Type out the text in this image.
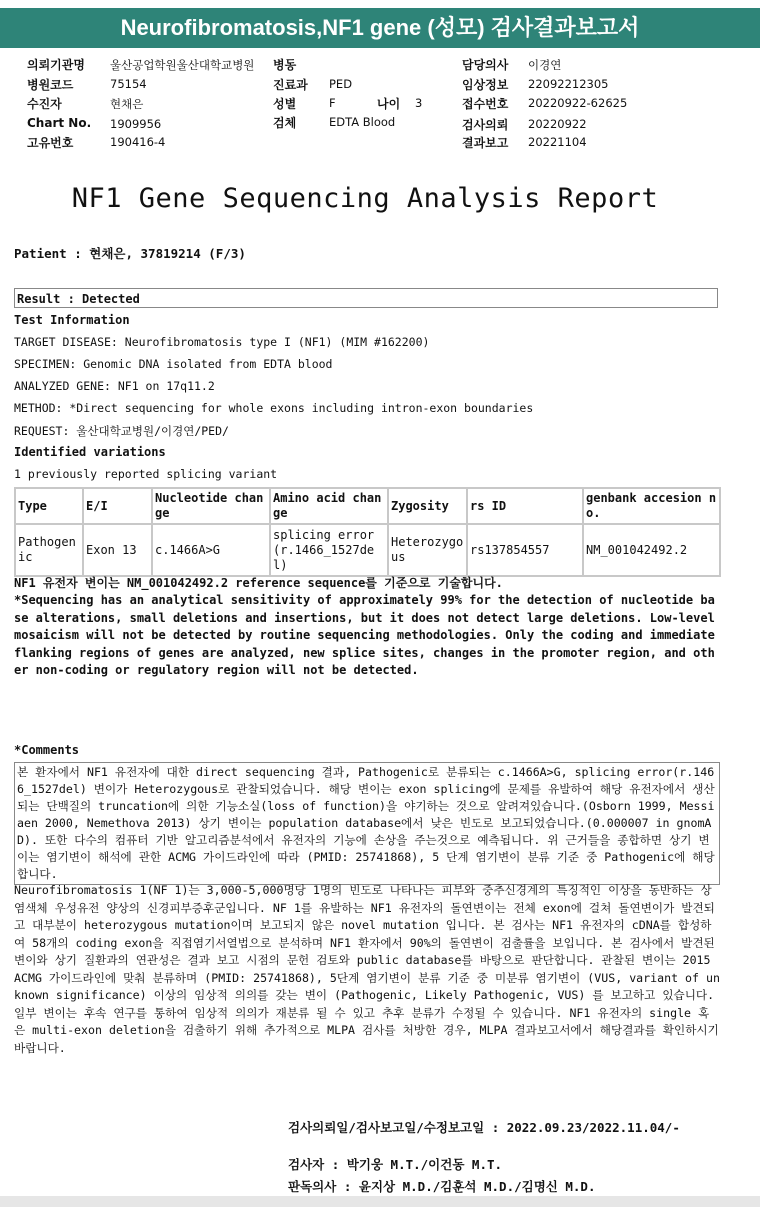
Neurofibromatosis,NF1 gene (성모) 검사결과보고서
의뢰기관명 울산공업학원울산대학교병원
병원코드	75154
수진자	현채은
Chart No. 1909956
고유번호	190416-4
병동
진료과 PED
성별	F	나이 3
검체	EDTA Blood
담당의사 이경연
임상정보 22092212305
접수번호 20220922-62625
검사의뢰 20220922
결과보고 20221104
NF1 Gene Sequencing Analysis Report
Patient : 현채은, 37819214 (F/3)
Result : Detected
Test Information
TARGET DISEASE: Neurofibromatosis type I (NF1) (MIM #162200)
SPECIMEN: Genomic DNA isolated from EDTA blood
ANALYZED GENE: NF1 on 17q11.2
METHOD: *Direct sequencing for whole exons including intron-exon boundaries
REQUEST: 울산대학교병원/이경연/PED/
Identified variations
1 previously reported splicing variant
Type	E/I	Nucleotide change	Amino acid change	Zygosity	rs ID	genbank accesion no.
Pathogenic	Exon 13	c.1466A>G	splicing error (r.1466_1527del)	Heterozygous	rs137854557	NM_001042492.2
NF1 유전자 변이는 NM_001042492.2 reference sequence를 기준으로 기술합니다.
*Sequencing has an analytical sensitivity of approximately 99% for the detection of nucleotide base alterations, small deletions and insertions, but it does not detect large deletions. Low-level mosaicism will not be detected by routine sequencing methodologies. Only the coding and immediate flanking regions of genes are analyzed, new splice sites, changes in the promoter region, and other non-coding or regulatory region will not be detected.
*Comments
본 환자에서 NF1 유전자에 대한 direct sequencing 결과, Pathogenic로 분류되는 c.1466A>G, splicing error(r.1466_1527del) 변이가 Heterozygous로 관찰되었습니다. 해당 변이는 exon splicing에 문제를 유발하여 해당 유전자에서 생산되는 단백질의 truncation에 의한 기능소실(loss of function)을 야기하는 것으로 알려져있습니다.(Osborn 1999, Messiaen 2000, Nemethova 2013) 상기 변이는 population database에서 낮은 빈도로 보고되었습니다.(0.000007 in gnomAD). 또한 다수의 컴퓨터 기반 알고리즘분석에서 유전자의 기능에 손상을 주는것으로 예측됩니다. 위 근거들을 종합하면 상기 변이는 염기변이 해석에 관한 ACMG 가이드라인에 따라 (PMID: 25741868), 5 단계 염기변이 분류 기준 중 Pathogenic에 해당합니다.
Neurofibromatosis 1(NF 1)는 3,000-5,000명당 1명의 빈도로 나타나는 피부와 중추신경계의 특징적인 이상을 동반하는 상염색체 우성유전 양상의 신경피부증후군입니다. NF 1를 유발하는 NF1 유전자의 돌연변이는 전체 exon에 걸쳐 돌연변이가 발견되고 대부분이 heterozygous mutation이며 보고되지 않은 novel mutation 입니다. 본 검사는 NF1 유전자의 cDNA를 합성하여 58개의 coding exon을 직접염기서열법으로 분석하며 NF1 환자에서 90%의 돌연변이 검출률을 보입니다. 본 검사에서 발견된 변이와 상기 질환과의 연관성은 결과 보고 시점의 문헌 검토와 public database를 바탕으로 판단합니다. 관찰된 변이는 2015 ACMG 가이드라인에 맞춰 분류하며 (PMID: 25741868), 5단계 염기변이 분류 기준 중 미분류 염기변이 (VUS, variant of unknown significance) 이상의 임상적 의의를 갖는 변이 (Pathogenic, Likely Pathogenic, VUS) 를 보고하고 있습니다. 일부 변이는 후속 연구를 통하여 임상적 의의가 재분류 될 수 있고 추후 분류가 수정될 수 있습니다. NF1 유전자의 single 혹은 multi-exon deletion을 검출하기 위해 추가적으로 MLPA 검사를 처방한 경우, MLPA 결과보고서에서 해당결과를 확인하시기 바랍니다.
검사의뢰일/검사보고일/수정보고일 : 2022.09.23/2022.11.04/-
검사자 : 박기웅 M.T./이건동 M.T.
판독의사 : 윤지상 M.D./김훈석 M.D./김명신 M.D.
